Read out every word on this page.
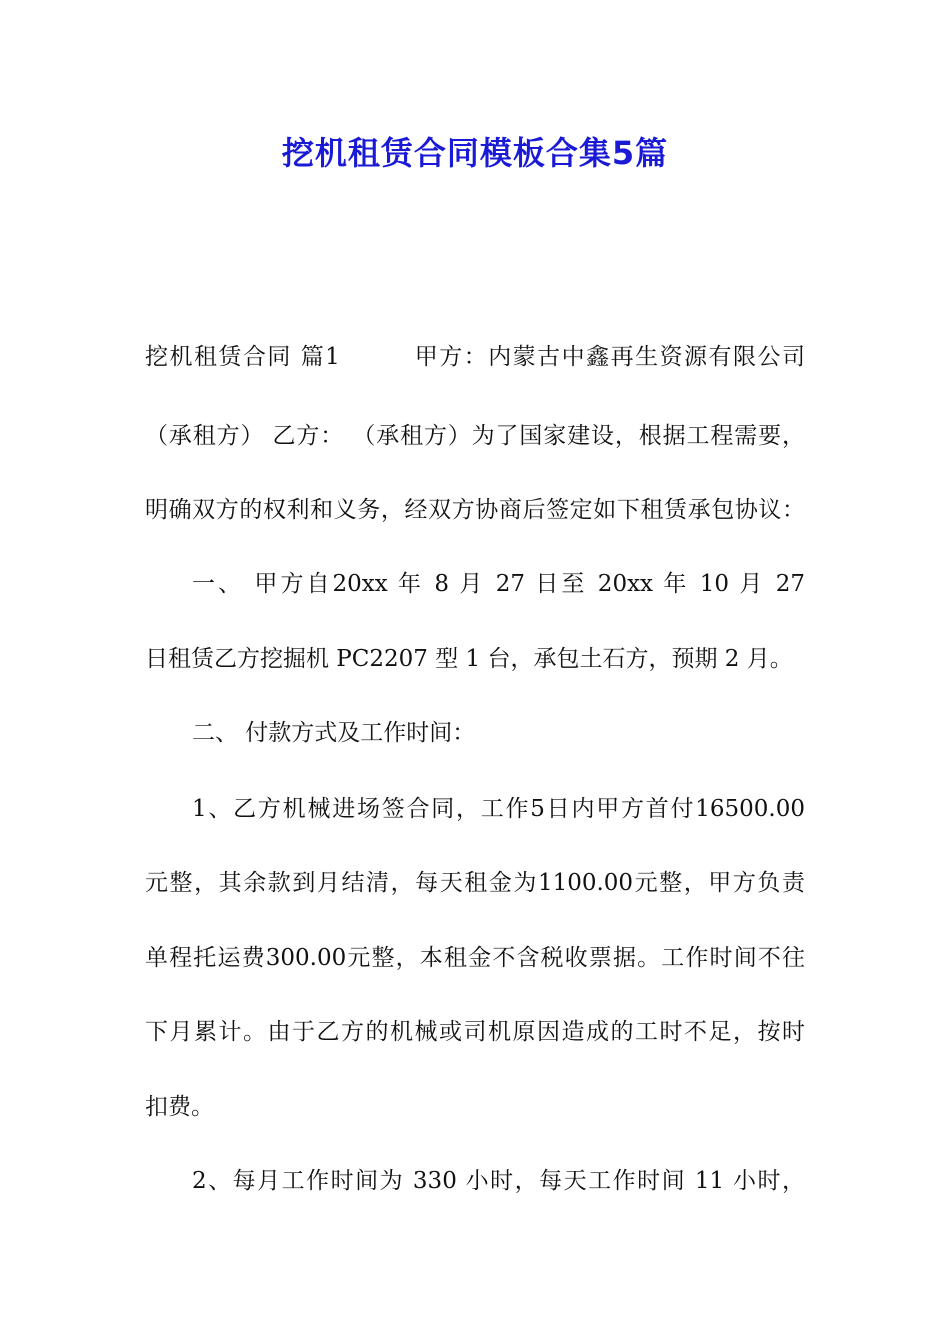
挖机租赁合同模板合集5篇
挖机租赁合同 篇1　　　甲方：内蒙古中鑫再生资源有限公司
（承租方） 乙方： （承租方）为了国家建设，根据工程需要，
明确双方的权利和义务，经双方协商后签定如下租赁承包协议：
一、 甲方自20xx 年 8 月 27 日至 20xx 年 10 月 27
日租赁乙方挖掘机 PC2207 型 1 台，承包土石方，预期 2 月。
二、 付款方式及工作时间：
1、乙方机械进场签合同，工作5日内甲方首付16500.00
元整，其余款到月结清，每天租金为1100.00元整，甲方负责
单程托运费300.00元整，本租金不含税收票据。工作时间不往
下月累计。由于乙方的机械或司机原因造成的工时不足，按时
扣费。
2、每月工作时间为 330 小时，每天工作时间 11 小时，
